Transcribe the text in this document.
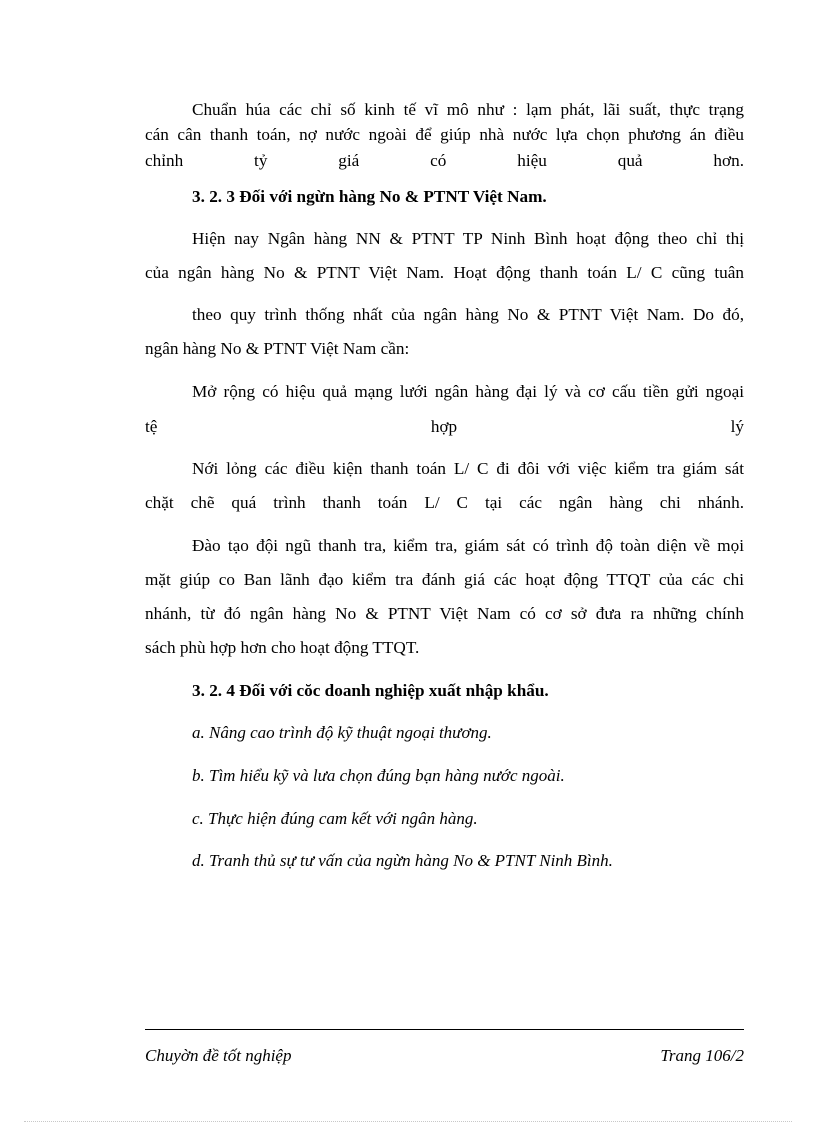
Chuẩn húa các chỉ số kinh tế vĩ mô như : lạm phát, lãi suất, thực trạng
cán cân thanh toán, nợ nước ngoài để giúp nhà nước lựa chọn phương án điều
chỉnh tỷ giá có hiệu quả hơn.
3. 2. 3 Đối với ngừn hàng No & PTNT Việt Nam.
Hiện nay Ngân hàng NN & PTNT TP Ninh Bình hoạt động theo chỉ thị
của ngân hàng No & PTNT Việt Nam. Hoạt động thanh toán L/ C cũng tuân
theo quy trình thống nhất của ngân hàng No & PTNT Việt Nam. Do đó,
ngân hàng No & PTNT Việt Nam cần:
Mở rộng có hiệu quả mạng lưới ngân hàng đại lý và cơ cấu tiền gửi ngoại
tệ hợp lý
Nới lỏng các điều kiện thanh toán L/ C đi đôi với việc kiểm tra giám sát
chặt chẽ quá trình thanh toán L/ C tại các ngân hàng chi nhánh.
Đào tạo đội ngũ thanh tra, kiểm tra, giám sát có trình độ toàn diện về mọi
mặt giúp co Ban lãnh đạo kiểm tra đánh giá các hoạt động TTQT của các chi
nhánh, từ đó ngân hàng No & PTNT Việt Nam có cơ sở đưa ra những chính
sách phù hợp hơn cho hoạt động TTQT.
3. 2. 4 Đối với cŏc doanh nghiệp xuất nhập khẩu.
a. Nâng cao trình độ kỹ thuật ngoại thương.
b. Tìm hiểu kỹ và lưa chọn đúng bạn hàng nước ngoài.
c. Thực hiện đúng cam kết với ngân hàng.
d. Tranh thủ sự tư vấn của ngừn hàng No & PTNT Ninh Bình.
Chuyờn đề tốt nghiệp	Trang 106/2
